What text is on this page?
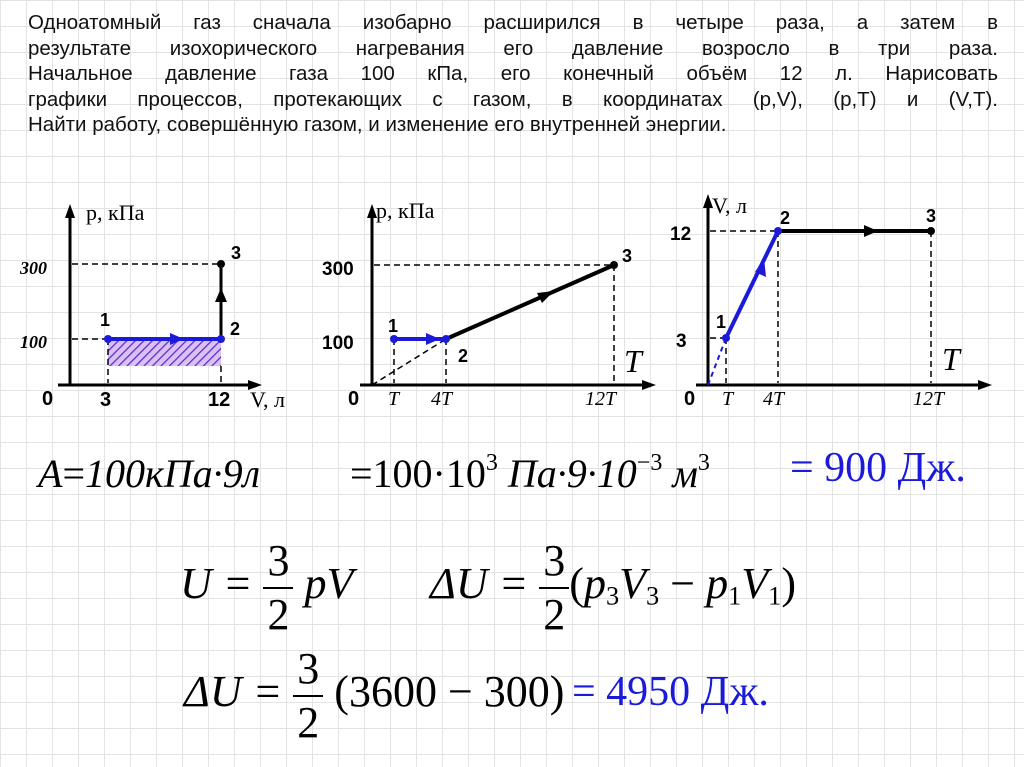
Одноатомный газ сначала изобарно расширился в четыре раза, а затем в
результате изохорического нагревания его давление возросло в три раза.
Начальное давление газа 100 кПа, его конечный объём 12 л. Нарисовать
графики процессов, протекающих с газом, в координатах (p,V), (p,T) и (V,T).
Найти работу, совершённую газом, и изменение его внутренней энергии.
p, кПа
300
100
0 3	12 V, л
1	2
3
p, кПа
300
100
0 T 4T	12T
T
1
2
3
V, л
12
3
0 T 4T	12T
T
1
2	3
$A=100кПа\cdot 9л =100\cdot 10^3$ $Па\cdot 9\cdot 10^{-3}$ $м^3 = 900$ Дж.
$U = \frac{3}{2}$ pV $\Delta U = \frac{3}{2} (p_3V_3 - p_1V_1)$
$\Delta U = \frac{3}{2} (3600 - 300) = 4950$ Дж.
